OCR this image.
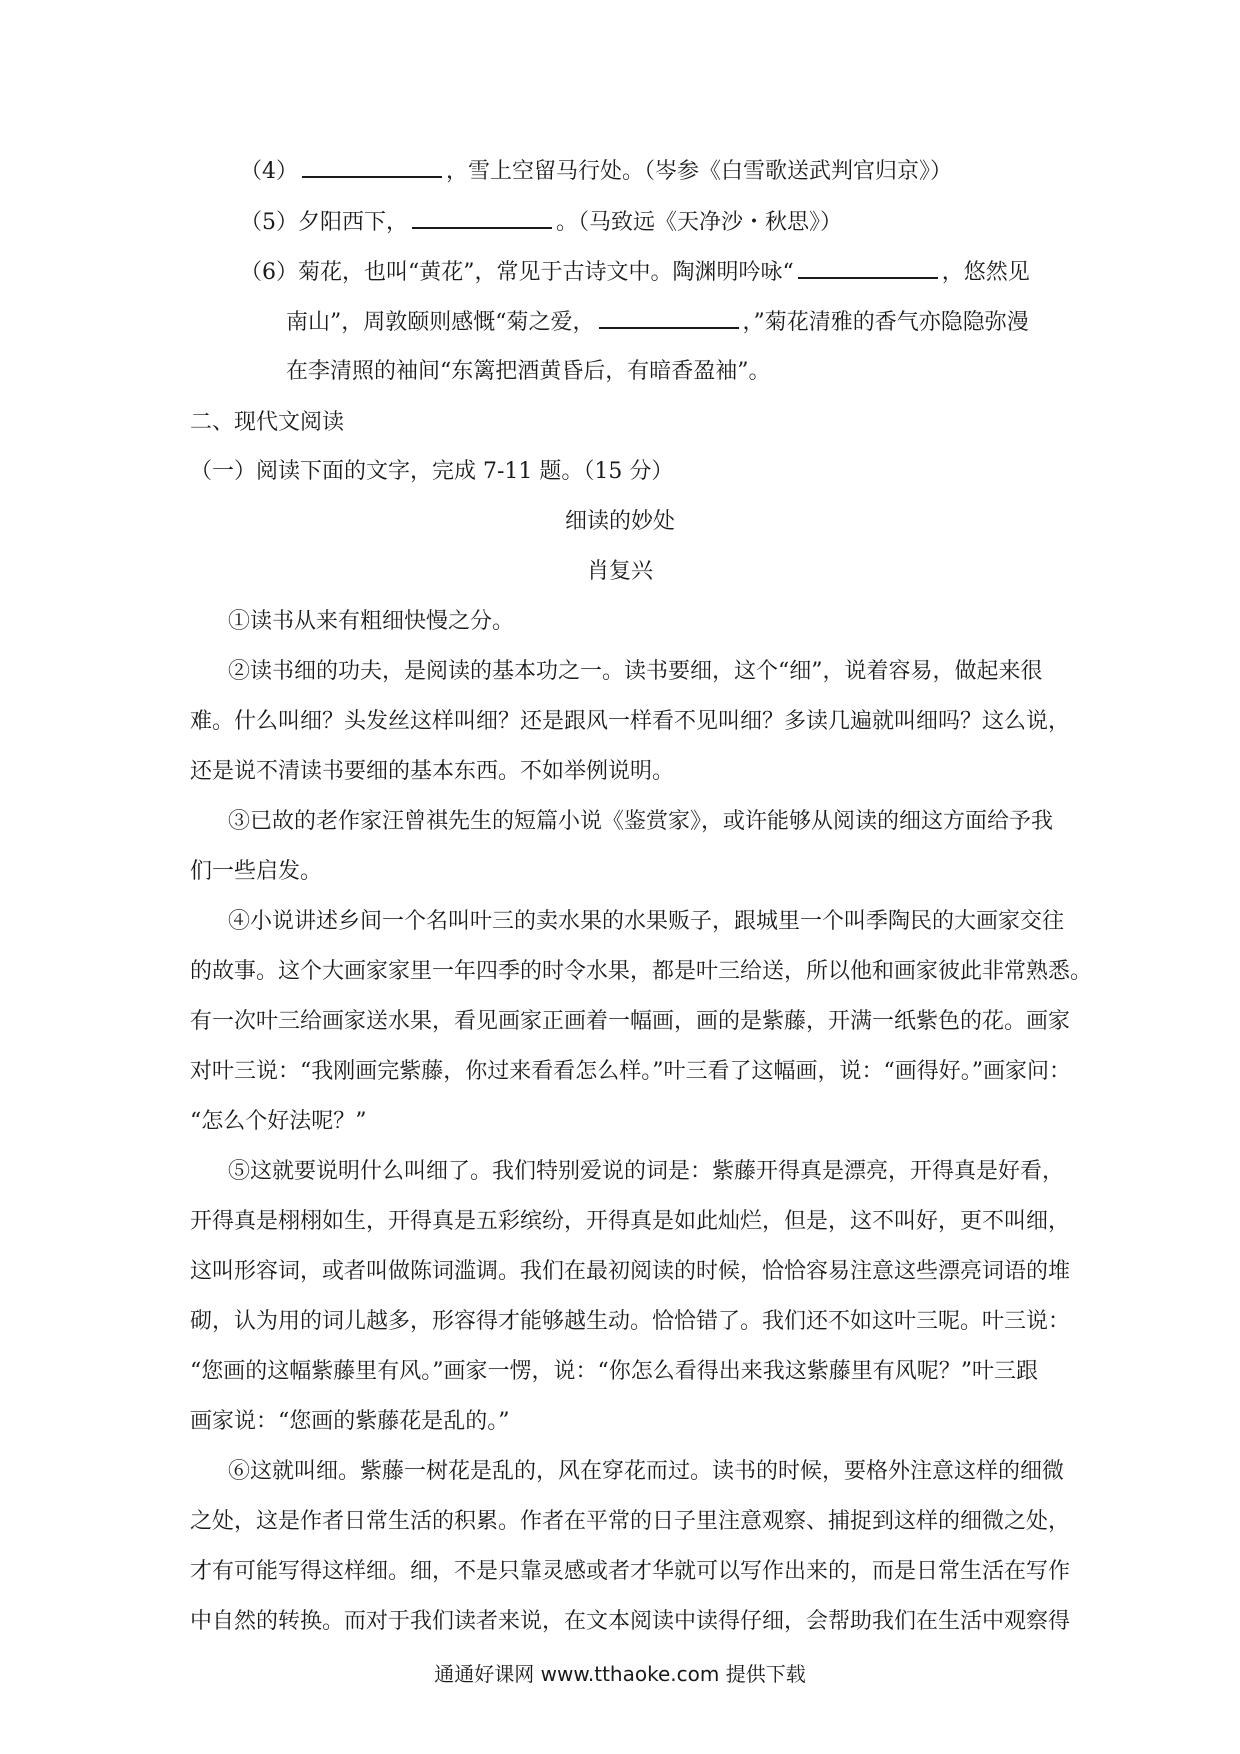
（4）	，雪上空留马行处。（岑参《白雪歌送武判官归京》）
（5）夕阳西下，	。（马致远《天净沙・秋思》）
（6）菊花，也叫“黄花”，常见于古诗文中。陶渊明吟咏“	，悠然见
南山”，周敦颐则感慨“菊之爱，	，”菊花清雅的香气亦隐隐弥漫
在李清照的袖间“东篱把酒黄昏后，有暗香盈袖”。
二、现代文阅读
（一）阅读下面的文字，完成 7-11 题。（15 分）
细读的妙处
肖复兴
①读书从来有粗细快慢之分。
②读书细的功夫，是阅读的基本功之一。读书要细，这个“细”，说着容易，做起来很
难。什么叫细？头发丝这样叫细？还是跟风一样看不见叫细？多读几遍就叫细吗？这么说，
还是说不清读书要细的基本东西。不如举例说明。
③已故的老作家汪曾祺先生的短篇小说《鉴赏家》，或许能够从阅读的细这方面给予我
们一些启发。
④小说讲述乡间一个名叫叶三的卖水果的水果贩子，跟城里一个叫季陶民的大画家交往
的故事。这个大画家家里一年四季的时令水果，都是叶三给送，所以他和画家彼此非常熟悉。
有一次叶三给画家送水果，看见画家正画着一幅画，画的是紫藤，开满一纸紫色的花。画家
对叶三说：“我刚画完紫藤，你过来看看怎么样。”叶三看了这幅画，说：“画得好。”画家问：
“怎么个好法呢？”
⑤这就要说明什么叫细了。我们特别爱说的词是：紫藤开得真是漂亮，开得真是好看，
开得真是栩栩如生，开得真是五彩缤纷，开得真是如此灿烂，但是，这不叫好，更不叫细，
这叫形容词，或者叫做陈词滥调。我们在最初阅读的时候，恰恰容易注意这些漂亮词语的堆
砌，认为用的词儿越多，形容得才能够越生动。恰恰错了。我们还不如这叶三呢。叶三说：
“您画的这幅紫藤里有风。”画家一愣，说：“你怎么看得出来我这紫藤里有风呢？”叶三跟
画家说：“您画的紫藤花是乱的。”
⑥这就叫细。紫藤一树花是乱的，风在穿花而过。读书的时候，要格外注意这样的细微
之处，这是作者日常生活的积累。作者在平常的日子里注意观察、捕捉到这样的细微之处，
才有可能写得这样细。细，不是只靠灵感或者才华就可以写作出来的，而是日常生活在写作
中自然的转换。而对于我们读者来说，在文本阅读中读得仔细，会帮助我们在生活中观察得
通通好课网 www.tthaoke.com 提供下载
